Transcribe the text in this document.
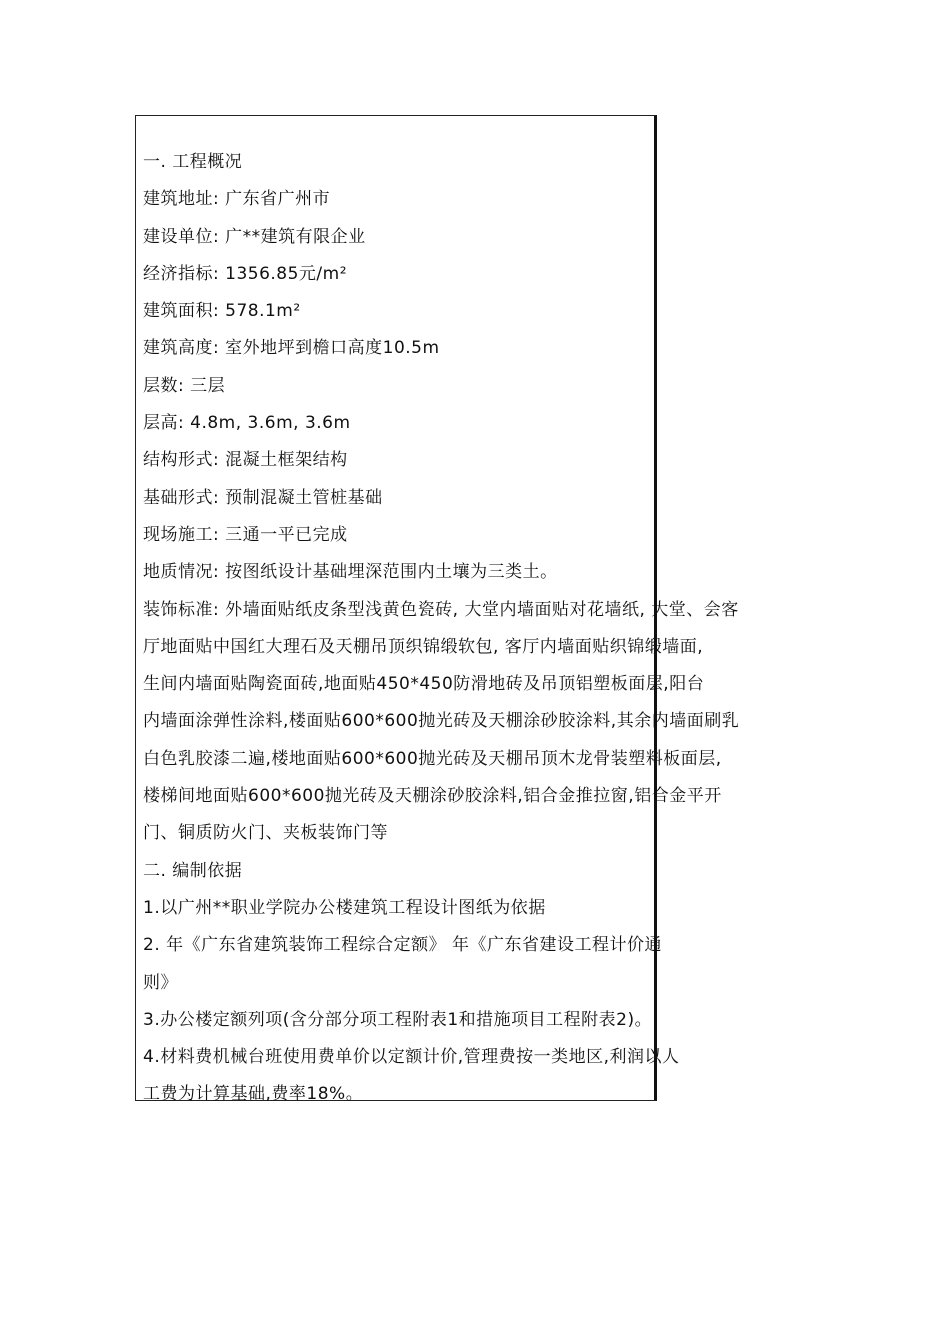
一. 工程概况
建筑地址: 广东省广州市
建设单位: 广**建筑有限企业
经济指标: 1356.85元/m²
建筑面积: 578.1m²
建筑高度: 室外地坪到檐口高度10.5m
层数: 三层
层高: 4.8m, 3.6m, 3.6m
结构形式: 混凝土框架结构
基础形式: 预制混凝土管桩基础
现场施工: 三通一平已完成
地质情况: 按图纸设计基础埋深范围内土壤为三类土。
装饰标准: 外墙面贴纸皮条型浅黄色瓷砖, 大堂内墙面贴对花墙纸, 大堂、会客
厅地面贴中国红大理石及天棚吊顶织锦缎软包, 客厅内墙面贴织锦缎墙面,
生间内墙面贴陶瓷面砖,地面贴450*450防滑地砖及吊顶铝塑板面层,阳台
内墙面涂弹性涂料,楼面贴600*600抛光砖及天棚涂砂胶涂料,其余内墙面刷乳
白色乳胶漆二遍,楼地面贴600*600抛光砖及天棚吊顶木龙骨装塑料板面层,
楼梯间地面贴600*600抛光砖及天棚涂砂胶涂料,铝合金推拉窗,铝合金平开
门、铜质防火门、夹板装饰门等
二. 编制依据
1.以广州**职业学院办公楼建筑工程设计图纸为依据
2. 年《广东省建筑装饰工程综合定额》 年《广东省建设工程计价通
则》
3.办公楼定额列项(含分部分项工程附表1和措施项目工程附表2)。
4.材料费机械台班使用费单价以定额计价,管理费按一类地区,利润以人
工费为计算基础,费率18%。
